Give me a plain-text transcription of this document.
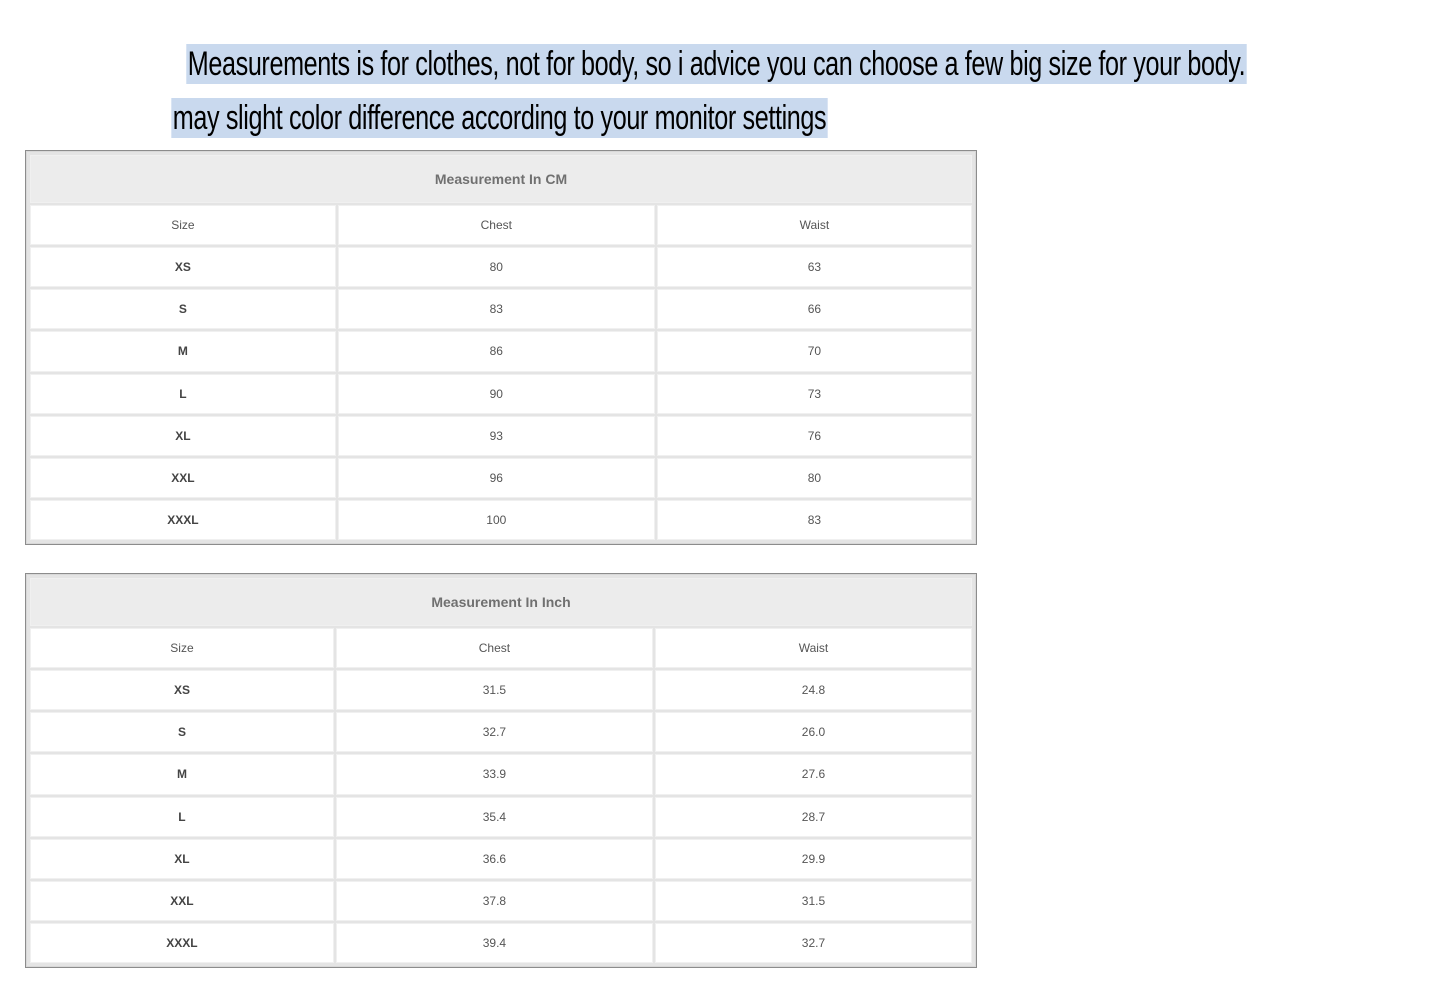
Measurements is for clothes, not for body, so i advice you can choose a few big size for your body.
may slight color difference according to your monitor settings
Measurement In CM		
Size	Chest	Waist
XS	80	63
S	83	66
M	86	70
L	90	73
XL	93	76
XXL	96	80
XXXL	100	83
Measurement In Inch		
Size	Chest	Waist
XS	31.5	24.8
S	32.7	26.0
M	33.9	27.6
L	35.4	28.7
XL	36.6	29.9
XXL	37.8	31.5
XXXL	39.4	32.7
